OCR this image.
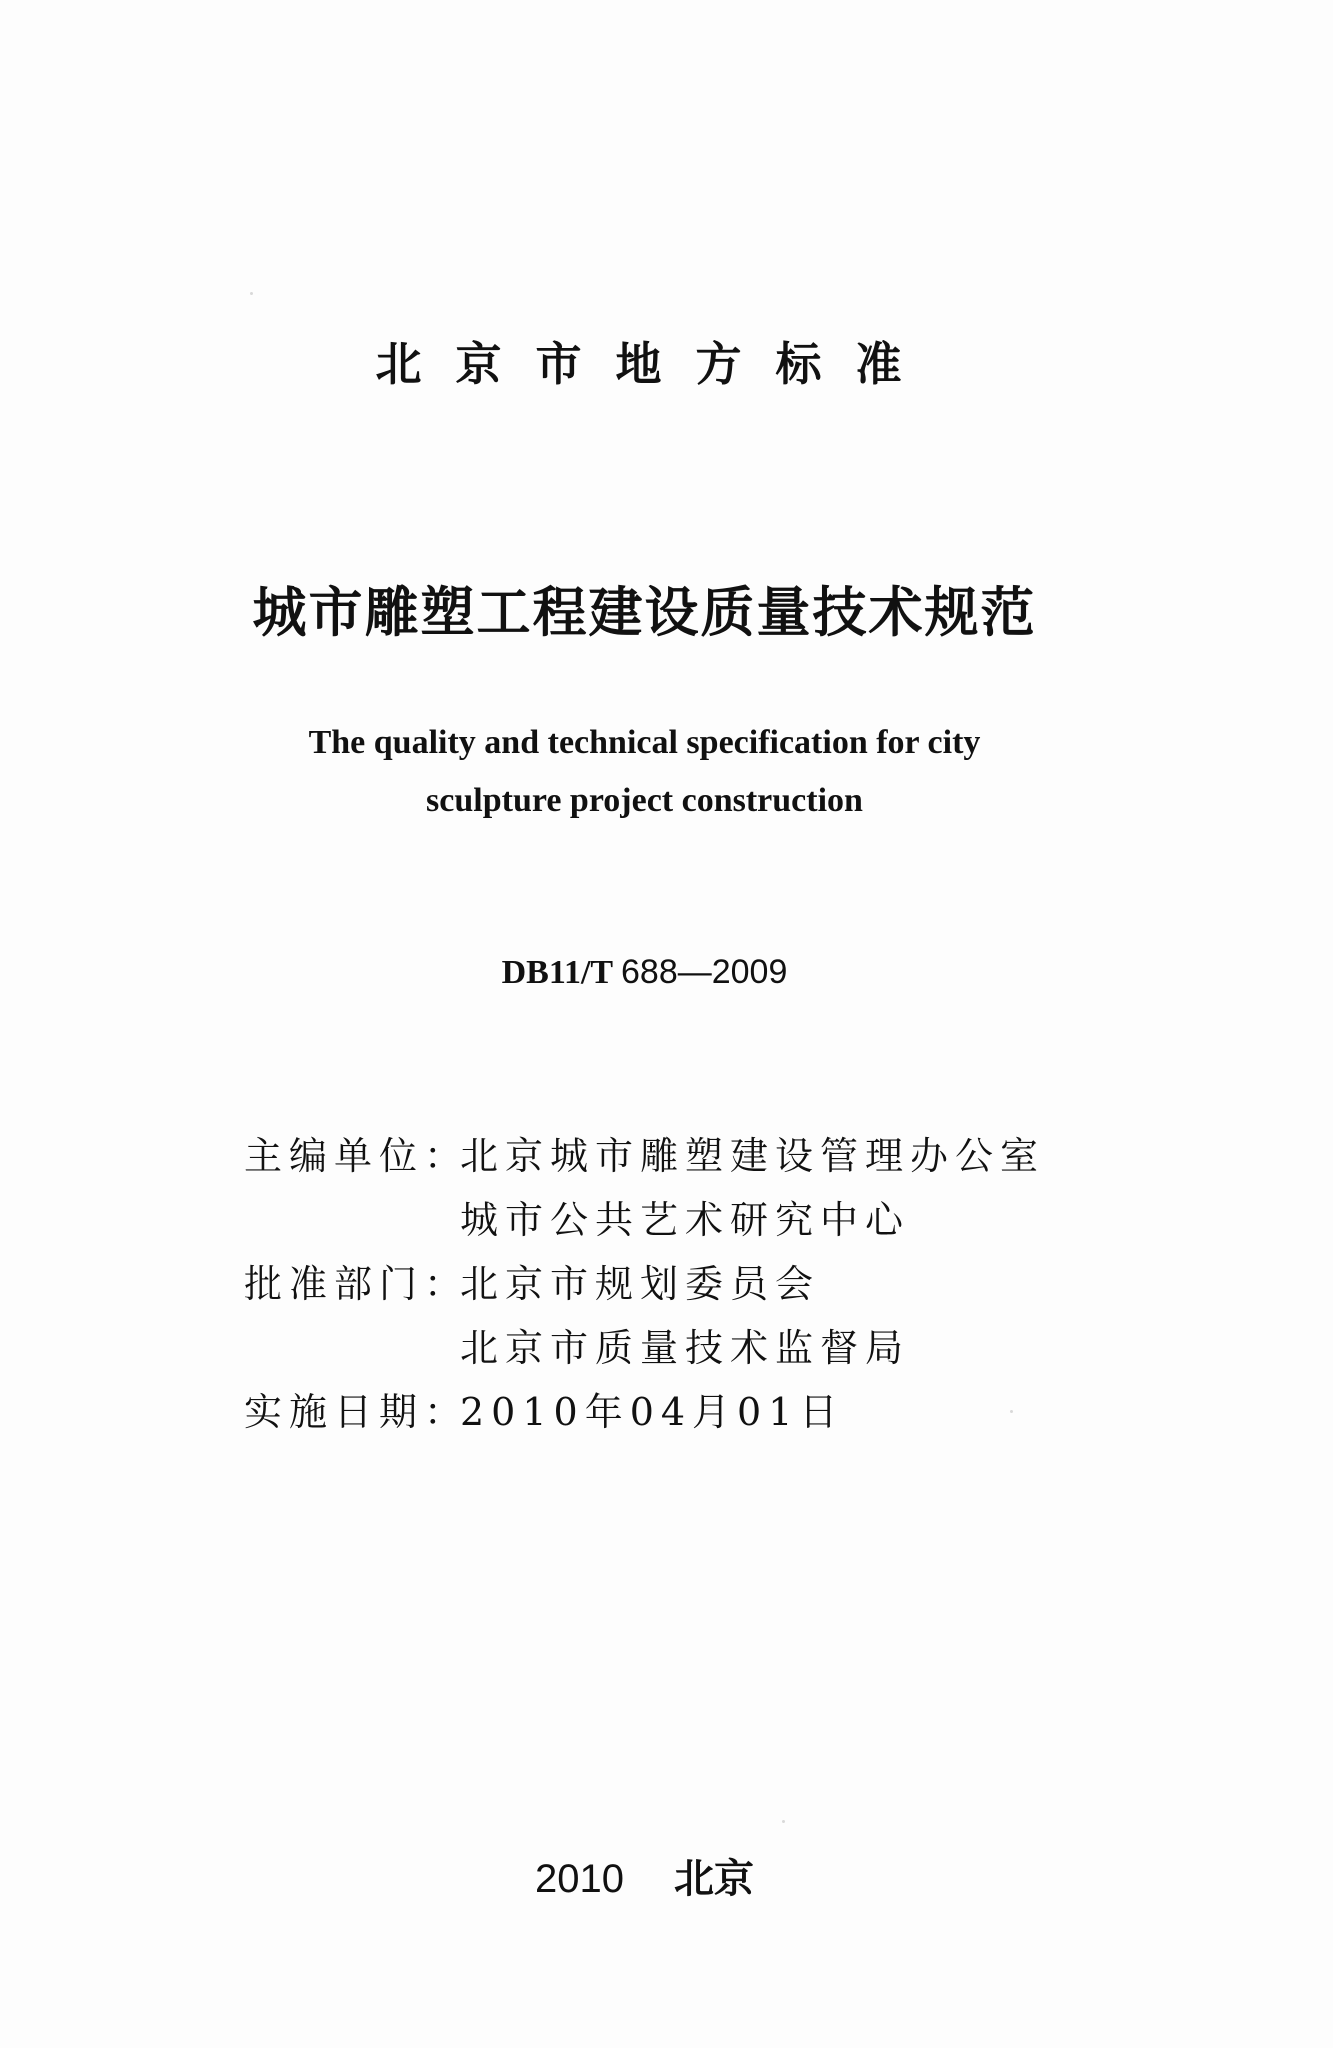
北京市地方标准
城市雕塑工程建设质量技术规范
The quality and technical specification for city
sculpture project construction
DB11/T 688—2009
主编单位：
北京城市雕塑建设管理办公室
城市公共艺术研究中心
批准部门：
北京市规划委员会
北京市质量技术监督局
实施日期：
2010年04月01日
2010 北京
